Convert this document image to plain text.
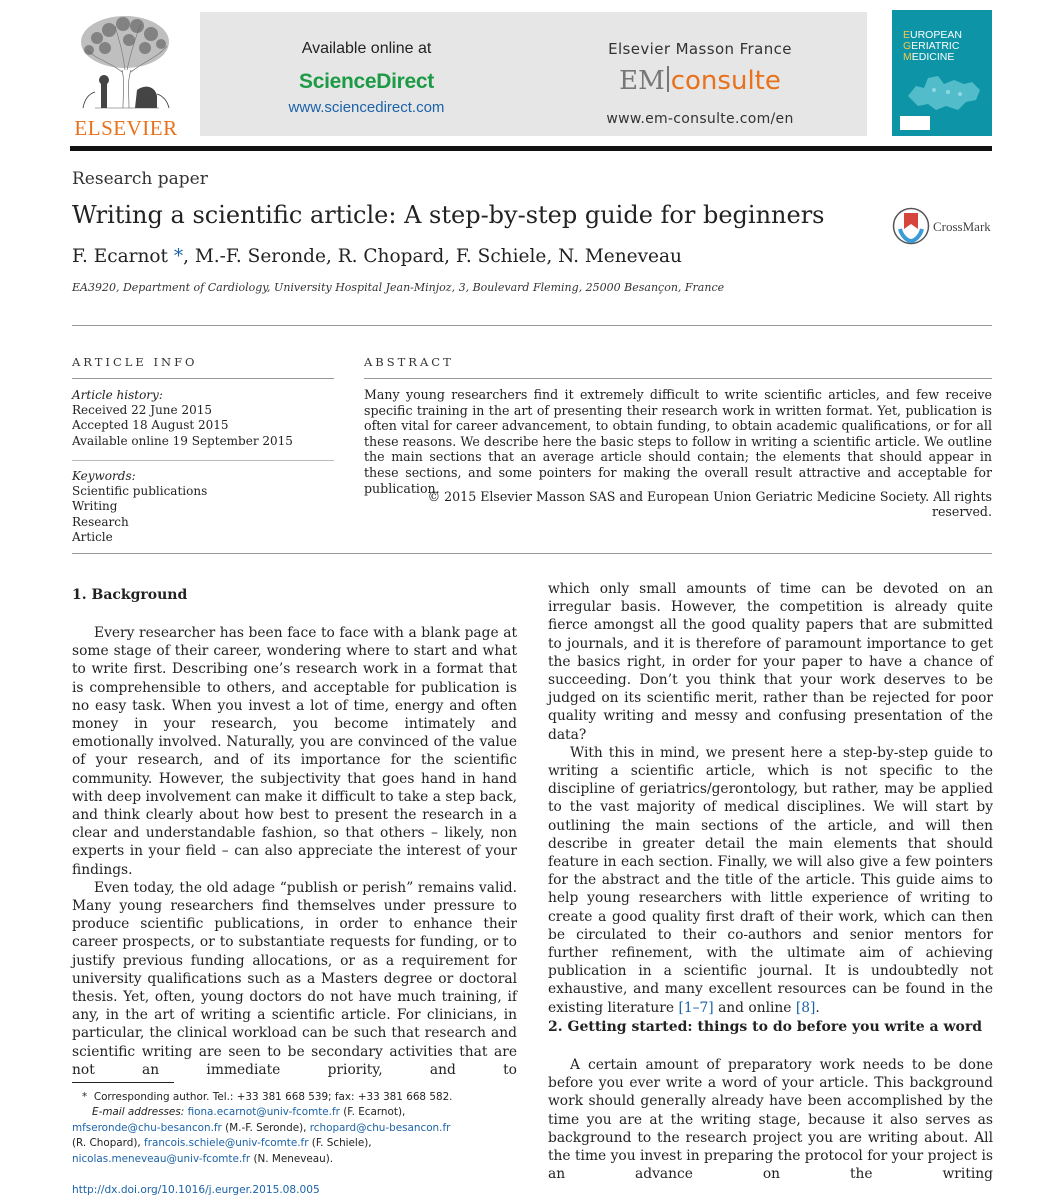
ELSEVIER
Available online at
ScienceDirect
www.sciencedirect.com
Elsevier Masson France
EM consulte
www.em-consulte.com/en
EUROPEAN
GERIATRIC
MEDICINE
Research paper
Writing a scientific article: A step-by-step guide for beginners
F. Ecarnot *, M.-F. Seronde, R. Chopard, F. Schiele, N. Meneveau
EA3920, Department of Cardiology, University Hospital Jean-Minjoz, 3, Boulevard Fleming, 25000 Besançon, France
CrossMark
ARTICLE INFO	ABSTRACT
Article history:
Received 22 June 2015
Accepted 18 August 2015
Available online 19 September 2015
Keywords:
Scientific publications
Writing
Research
Article
Many young researchers find it extremely difficult to write scientific articles, and few receive specific training in the art of presenting their research work in written format. Yet, publication is often vital for career advancement, to obtain funding, to obtain academic qualifications, or for all these reasons. We describe here the basic steps to follow in writing a scientific article. We outline the main sections that an average article should contain; the elements that should appear in these sections, and some pointers for making the overall result attractive and acceptable for publication.
© 2015 Elsevier Masson SAS and European Union Geriatric Medicine Society. All rights reserved.
1. Background

Every researcher has been face to face with a blank page at some stage of their career, wondering where to start and what to write first. Describing one’s research work in a format that is comprehensible to others, and acceptable for publication is no easy task. When you invest a lot of time, energy and often money in your research, you become intimately and emotionally involved. Naturally, you are convinced of the value of your research, and of its importance for the scientific community. However, the subjectivity that goes hand in hand with deep involvement can make it difficult to take a step back, and think clearly about how best to present the research in a clear and understandable fashion, so that others – likely, non experts in your field – can also appreciate the interest of your findings.

Even today, the old adage “publish or perish” remains valid. Many young researchers find themselves under pressure to produce scientific publications, in order to enhance their career prospects, or to substantiate requests for funding, or to justify previous funding allocations, or as a requirement for university qualifications such as a Masters degree or doctoral thesis. Yet, often, young doctors do not have much training, if any, in the art of writing a scientific article. For clinicians, in particular, the clinical workload can be such that research and scientific writing are seen to be secondary activities that are not an immediate priority, and to

which only small amounts of time can be devoted on an irregular basis. However, the competition is already quite fierce amongst all the good quality papers that are submitted to journals, and it is therefore of paramount importance to get the basics right, in order for your paper to have a chance of succeeding. Don’t you think that your work deserves to be judged on its scientific merit, rather than be rejected for poor quality writing and messy and confusing presentation of the data?

With this in mind, we present here a step-by-step guide to writing a scientific article, which is not specific to the discipline of geriatrics/gerontology, but rather, may be applied to the vast majority of medical disciplines. We will start by outlining the main sections of the article, and will then describe in greater detail the main elements that should feature in each section. Finally, we will also give a few pointers for the abstract and the title of the article. This guide aims to help young researchers with little experience of writing to create a good quality first draft of their work, which can then be circulated to their co-authors and senior mentors for further refinement, with the ultimate aim of achieving publication in a scientific journal. It is undoubtedly not exhaustive, and many excellent resources can be found in the existing literature [1–7] and online [8].

2. Getting started: things to do before you write a word

A certain amount of preparatory work needs to be done before you ever write a word of your article. This background work should generally already have been accomplished by the time you are at the writing stage, because it also serves as background to the research project you are writing about. All the time you invest in preparing the protocol for your project is an advance on the writing

* Corresponding author. Tel.: +33 381 668 539; fax: +33 381 668 582.
E-mail addresses: fiona.ecarnot@univ-fcomte.fr (F. Ecarnot),
mfseronde@chu-besancon.fr (M.-F. Seronde), rchopard@chu-besancon.fr
(R. Chopard), francois.schiele@univ-fcomte.fr (F. Schiele),
nicolas.meneveau@univ-fcomte.fr (N. Meneveau).
http://dx.doi.org/10.1016/j.eurger.2015.08.005
